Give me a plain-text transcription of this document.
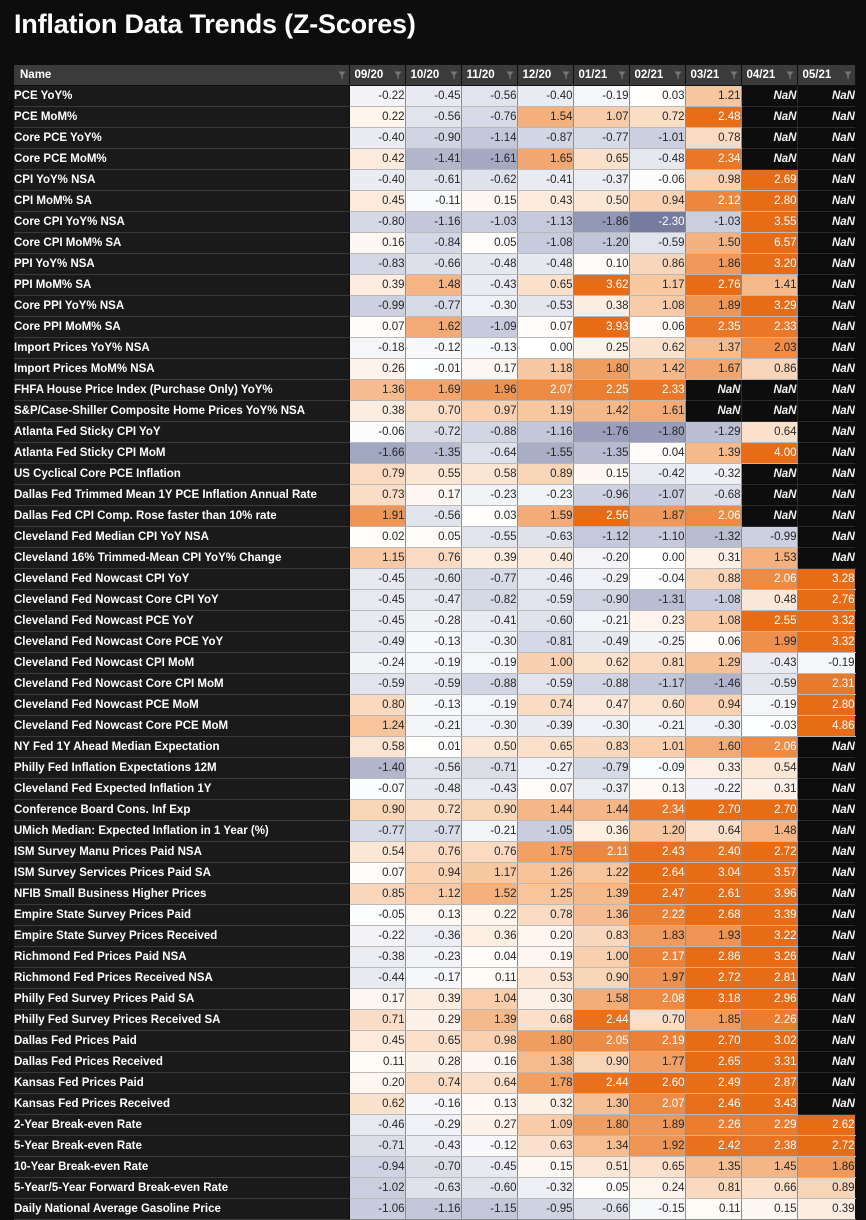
Inflation Data Trends (Z-Scores)
Name	09/20	10/20	11/20	12/20	01/21	02/21	03/21	04/21	05/21

PCE YoY%	-0.22	-0.45	-0.56	-0.40	-0.19	0.03	1.21	NaN	NaN
PCE MoM%	0.22	-0.56	-0.76	1.54	1.07	0.72	2.48	NaN	NaN
Core PCE YoY%	-0.40	-0.90	-1.14	-0.87	-0.77	-1.01	0.78	NaN	NaN
Core PCE MoM%	0.42	-1.41	-1.61	1.65	0.65	-0.48	2.34	NaN	NaN
CPI YoY% NSA	-0.40	-0.61	-0.62	-0.41	-0.37	-0.06	0.98	2.69	NaN
CPI MoM% SA	0.45	-0.11	0.15	0.43	0.50	0.94	2.12	2.80	NaN
Core CPI YoY% NSA	-0.80	-1.16	-1.03	-1.13	-1.86	-2.30	-1.03	3.55	NaN
Core CPI MoM% SA	0.16	-0.84	0.05	-1.08	-1.20	-0.59	1.50	6.57	NaN
PPI YoY% NSA	-0.83	-0.66	-0.48	-0.48	0.10	0.86	1.86	3.20	NaN
PPI MoM% SA	0.39	1.48	-0.43	0.65	3.62	1.17	2.76	1.41	NaN
Core PPI YoY% NSA	-0.99	-0.77	-0.30	-0.53	0.38	1.08	1.89	3.29	NaN
Core PPI MoM% SA	0.07	1.62	-1.09	0.07	3.93	0.06	2.35	2.33	NaN
Import Prices YoY% NSA	-0.18	-0.12	-0.13	0.00	0.25	0.62	1.37	2.03	NaN
Import Prices MoM% NSA	0.26	-0.01	0.17	1.18	1.80	1.42	1.67	0.86	NaN
FHFA House Price Index (Purchase Only) YoY%	1.36	1.69	1.96	2.07	2.25	2.33	NaN	NaN	NaN
S&P/Case-Shiller Composite Home Prices YoY% NSA	0.38	0.70	0.97	1.19	1.42	1.61	NaN	NaN	NaN
Atlanta Fed Sticky CPI YoY	-0.06	-0.72	-0.88	-1.16	-1.76	-1.80	-1.29	0.64	NaN
Atlanta Fed Sticky CPI MoM	-1.66	-1.35	-0.64	-1.55	-1.35	0.04	1.39	4.00	NaN
US Cyclical Core PCE Inflation	0.79	0.55	0.58	0.89	0.15	-0.42	-0.32	NaN	NaN
Dallas Fed Trimmed Mean 1Y PCE Inflation Annual Rate	0.73	0.17	-0.23	-0.23	-0.96	-1.07	-0.68	NaN	NaN
Dallas Fed CPI Comp. Rose faster than 10% rate	1.91	-0.56	0.03	1.59	2.56	1.87	2.06	NaN	NaN
Cleveland Fed Median CPI YoY NSA	0.02	0.05	-0.55	-0.63	-1.12	-1.10	-1.32	-0.99	NaN
Cleveland 16% Trimmed-Mean CPI YoY% Change	1.15	0.76	0.39	0.40	-0.20	0.00	0.31	1.53	NaN
Cleveland Fed Nowcast CPI YoY	-0.45	-0.60	-0.77	-0.46	-0.29	-0.04	0.88	2.06	3.28
Cleveland Fed Nowcast Core CPI YoY	-0.45	-0.47	-0.82	-0.59	-0.90	-1.31	-1.08	0.48	2.76
Cleveland Fed Nowcast PCE YoY	-0.45	-0.28	-0.41	-0.60	-0.21	0.23	1.08	2.55	3.32
Cleveland Fed Nowcast Core PCE YoY	-0.49	-0.13	-0.30	-0.81	-0.49	-0.25	0.06	1.99	3.32
Cleveland Fed Nowcast CPI MoM	-0.24	-0.19	-0.19	1.00	0.62	0.81	1.29	-0.43	-0.19
Cleveland Fed Nowcast Core CPI MoM	-0.59	-0.59	-0.88	-0.59	-0.88	-1.17	-1.46	-0.59	2.31
Cleveland Fed Nowcast PCE MoM	0.80	-0.13	-0.19	0.74	0.47	0.60	0.94	-0.19	2.80
Cleveland Fed Nowcast Core PCE MoM	1.24	-0.21	-0.30	-0.39	-0.30	-0.21	-0.30	-0.03	4.86
NY Fed 1Y Ahead Median Expectation	0.58	0.01	0.50	0.65	0.83	1.01	1.60	2.06	NaN
Philly Fed Inflation Expectations 12M	-1.40	-0.56	-0.71	-0.27	-0.79	-0.09	0.33	0.54	NaN
Cleveland Fed Expected Inflation 1Y	-0.07	-0.48	-0.43	0.07	-0.37	0.13	-0.22	0.31	NaN
Conference Board Cons. Inf Exp	0.90	0.72	0.90	1.44	1.44	2.34	2.70	2.70	NaN
UMich Median: Expected Inflation in 1 Year (%)	-0.77	-0.77	-0.21	-1.05	0.36	1.20	0.64	1.48	NaN
ISM Survey Manu Prices Paid NSA	0.54	0.76	0.76	1.75	2.11	2.43	2.40	2.72	NaN
ISM Survey Services Prices Paid SA	0.07	0.94	1.17	1.26	1.22	2.64	3.04	3.57	NaN
NFIB Small Business Higher Prices	0.85	1.12	1.52	1.25	1.39	2.47	2.61	3.96	NaN
Empire State Survey Prices Paid	-0.05	0.13	0.22	0.78	1.36	2.22	2.68	3.39	NaN
Empire State Survey Prices Received	-0.22	-0.36	0.36	0.20	0.83	1.83	1.93	3.22	NaN
Richmond Fed Prices Paid NSA	-0.38	-0.23	0.04	0.19	1.00	2.17	2.86	3.26	NaN
Richmond Fed Prices Received NSA	-0.44	-0.17	0.11	0.53	0.90	1.97	2.72	2.81	NaN
Philly Fed Survey Prices Paid SA	0.17	0.39	1.04	0.30	1.58	2.08	3.18	2.96	NaN
Philly Fed Survey Prices Received SA	0.71	0.29	1.39	0.68	2.44	0.70	1.85	2.26	NaN
Dallas Fed Prices Paid	0.45	0.65	0.98	1.80	2.05	2.19	2.70	3.02	NaN
Dallas Fed Prices Received	0.11	0.28	0.16	1.38	0.90	1.77	2.65	3.31	NaN
Kansas Fed Prices Paid	0.20	0.74	0.64	1.78	2.44	2.60	2.49	2.87	NaN
Kansas Fed Prices Received	0.62	-0.16	0.13	0.32	1.30	2.07	2.46	3.43	NaN
2-Year Break-even Rate	-0.46	-0.29	0.27	1.09	1.80	1.89	2.26	2.29	2.62
5-Year Break-even Rate	-0.71	-0.43	-0.12	0.63	1.34	1.92	2.42	2.38	2.72
10-Year Break-even Rate	-0.94	-0.70	-0.45	0.15	0.51	0.65	1.35	1.45	1.86
5-Year/5-Year Forward Break-even Rate	-1.02	-0.63	-0.60	-0.32	0.05	0.24	0.81	0.66	0.89
Daily National Average Gasoline Price	-1.06	-1.16	-1.15	-0.95	-0.66	-0.15	0.11	0.15	0.39
